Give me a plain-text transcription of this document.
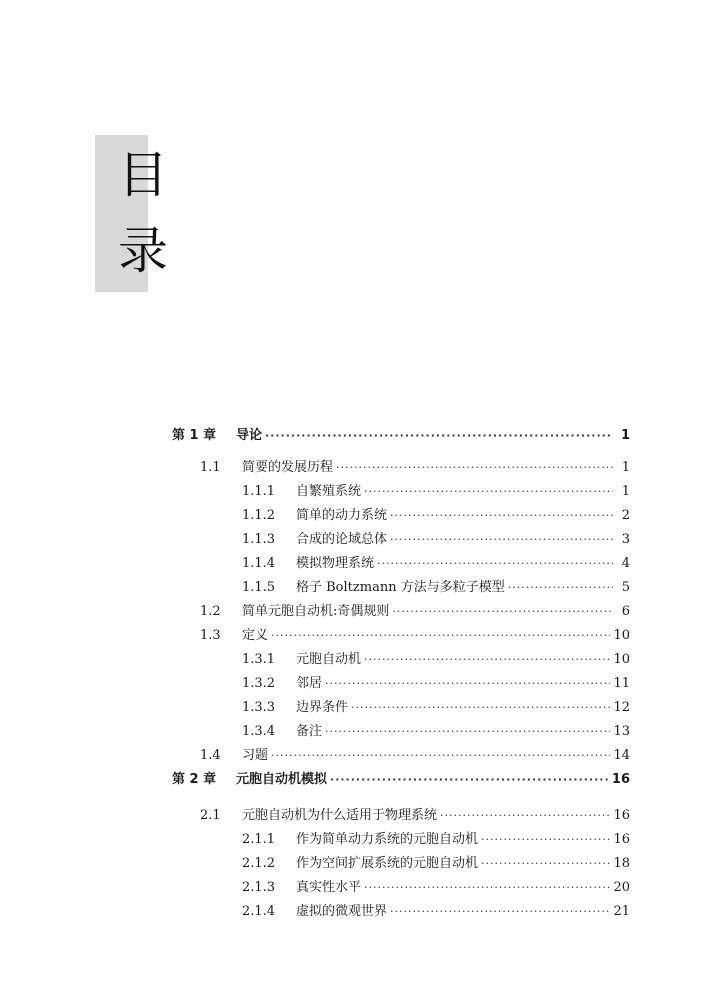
目
录
第 1 章	导论 ·····	1
1.1	简要的发展历程 ·····	1
1.1.1	自繁殖系统 ·····	1
1.1.2	简单的动力系统 ·····	2
1.1.3	合成的论域总体 ·····	3
1.1.4	模拟物理系统 ·····	4
1.1.5	格子 Boltzmann 方法与多粒子模型 ·····	5
1.2	简单元胞自动机:奇偶规则 ·····	6
1.3	定义 ·····	10
1.3.1	元胞自动机 ·····	10
1.3.2	邻居 ·····	11
1.3.3	边界条件 ·····	12
1.3.4	备注 ·····	13
1.4	习题 ·····	14
第 2 章	元胞自动机模拟 ·····	16
2.1	元胞自动机为什么适用于物理系统 ·····	16
2.1.1	作为简单动力系统的元胞自动机 ·····	16
2.1.2	作为空间扩展系统的元胞自动机 ·····	18
2.1.3	真实性水平 ·····	20
2.1.4	虚拟的微观世界 ·····	21
